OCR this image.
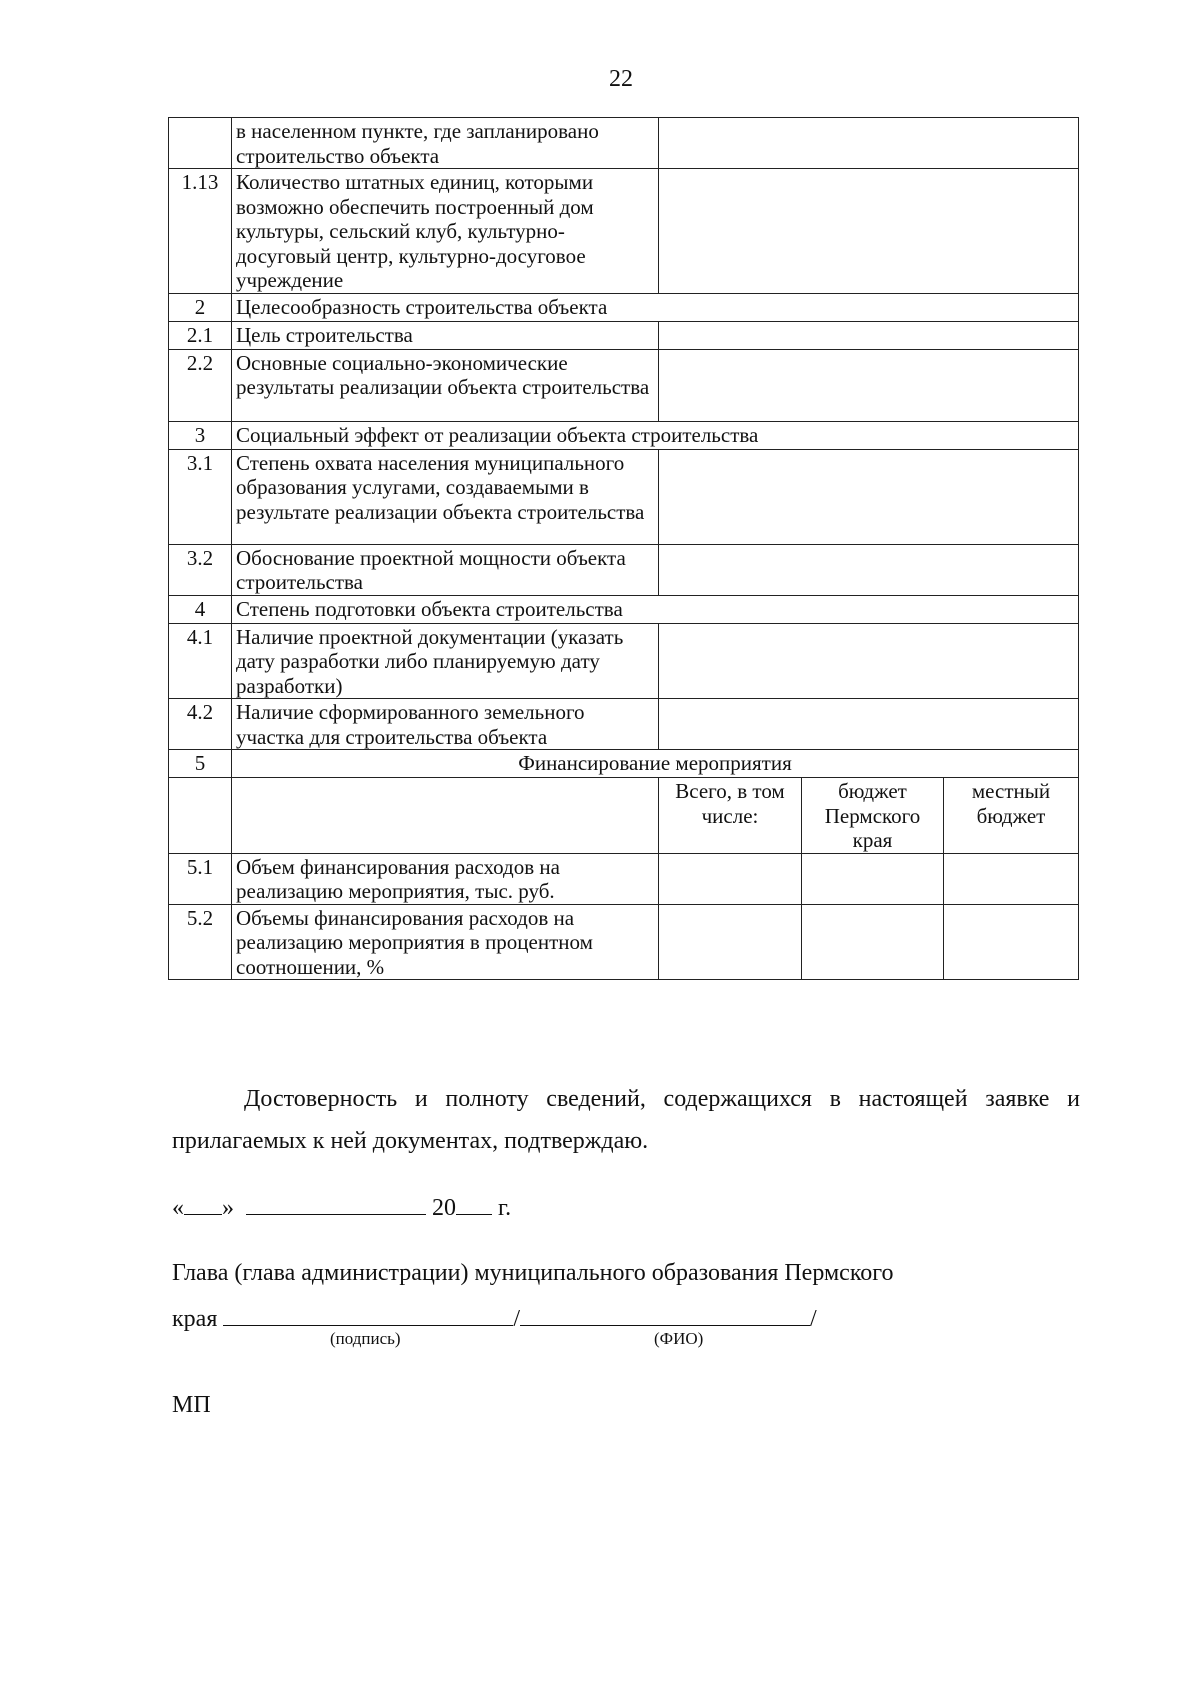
22
	в населенном пункте, где запланировано строительство объекта			
1.13	Количество штатных единиц, которыми возможно обеспечить построенный дом культуры, сельский клуб, культурно-досуговый центр, культурно-досуговое учреждение			
2	Целесообразность строительства объекта			
2.1	Цель строительства			
2.2	Основные социально-экономические результаты реализации объекта строительства			
3	Социальный эффект от реализации объекта строительства			
3.1	Степень охвата населения муниципального образования услугами, создаваемыми в результате реализации объекта строительства			
3.2	Обоснование проектной мощности объекта строительства			
4	Степень подготовки объекта строительства			
4.1	Наличие проектной документации (указать дату разработки либо планируемую дату разработки)			
4.2	Наличие сформированного земельного участка для строительства объекта			
5	Финансирование мероприятия			
		Всего, в том числе:	бюджет Пермского края	местный бюджет
5.1	Объем финансирования расходов на реализацию мероприятия, тыс. руб.			
5.2	Объемы финансирования расходов на реализацию мероприятия в процентном соотношении, %			

Достоверность и полноту сведений, содержащихся в настоящей заявке и прилагаемых к ней документах, подтверждаю.

« »	20 г.
Глава (глава администрации) муниципального образования Пермского
края	/	/
(подпись)	(ФИО)
МП
